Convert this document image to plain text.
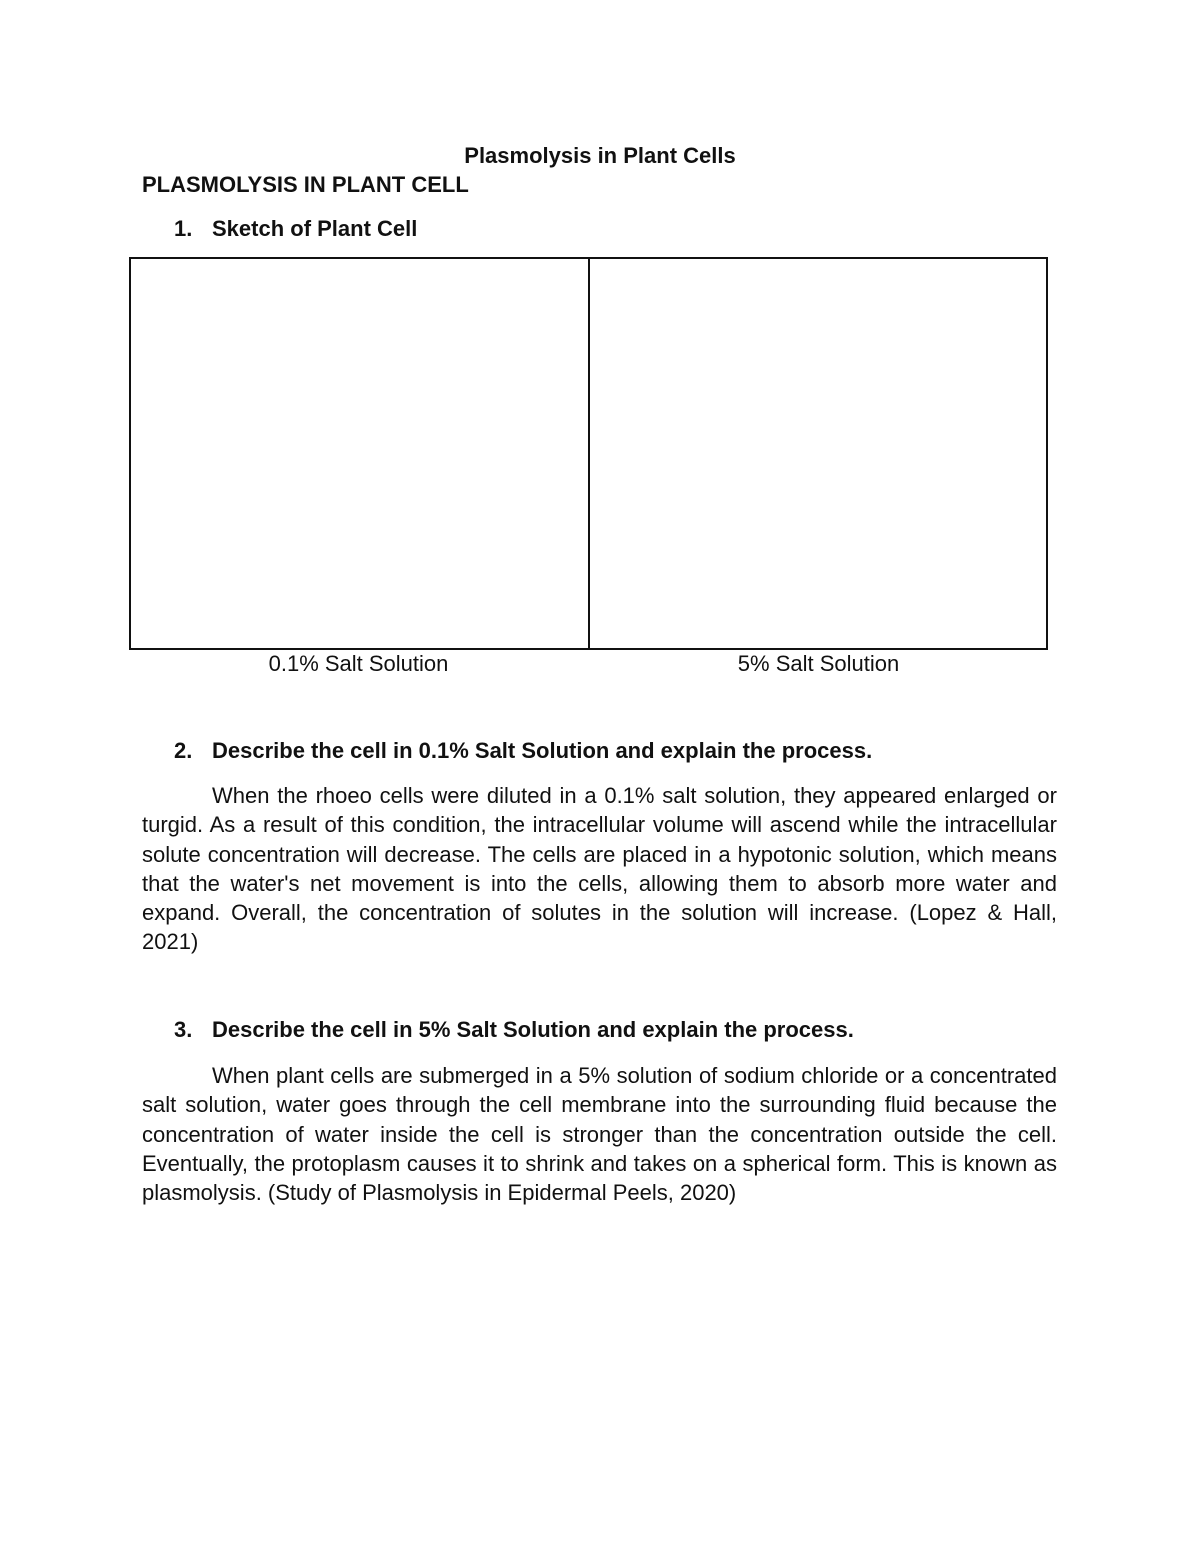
Plasmolysis in Plant Cells
PLASMOLYSIS IN PLANT CELL
1. Sketch of Plant Cell
0.1% Salt Solution	5% Salt Solution
2. Describe the cell in 0.1% Salt Solution and explain the process.

When the rhoeo cells were diluted in a 0.1% salt solution, they appeared enlarged or turgid. As a result of this condition, the intracellular volume will ascend while the intracellular solute concentration will decrease. The cells are placed in a hypotonic solution, which means that the water's net movement is into the cells, allowing them to absorb more water and expand. Overall, the concentration of solutes in the solution will increase. (Lopez & Hall, 2021)

3. Describe the cell in 5% Salt Solution and explain the process.

When plant cells are submerged in a 5% solution of sodium chloride or a concentrated salt solution, water goes through the cell membrane into the surrounding fluid because the concentration of water inside the cell is stronger than the concentration outside the cell. Eventually, the protoplasm causes it to shrink and takes on a spherical form. This is known as plasmolysis. (Study of Plasmolysis in Epidermal Peels, 2020)
